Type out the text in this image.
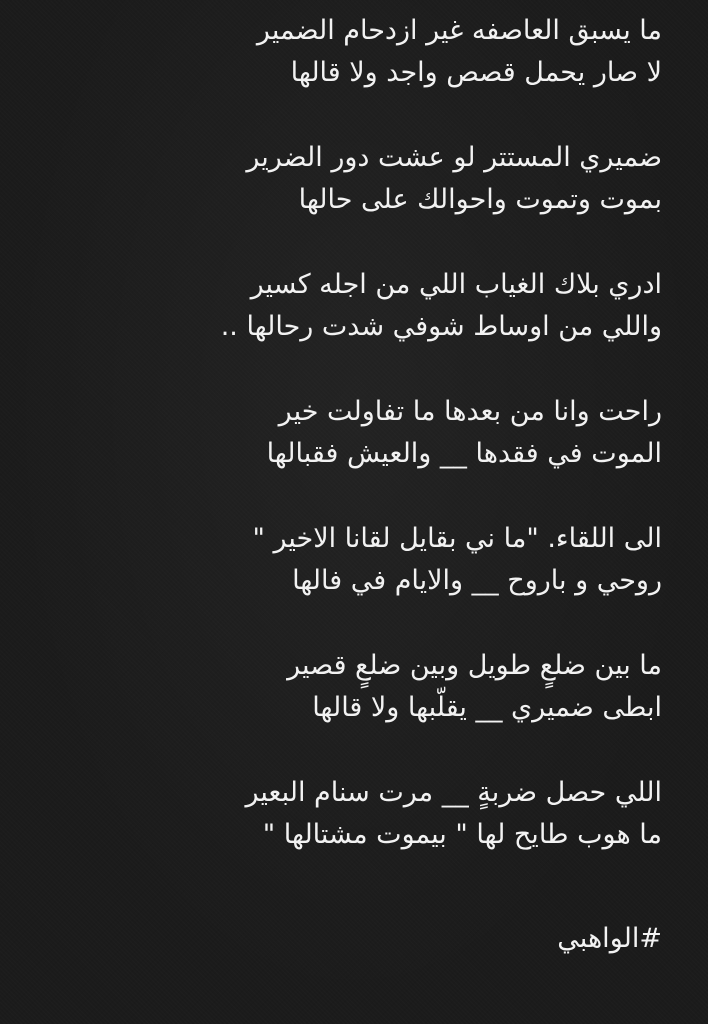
ما يسبق العاصفه غير ازدحام الضمير
لا صار يحمل قصص واجد ولا قالها
ضميري المستتر لو عشت دور الضرير
بموت وتموت واحوالك على حالها
ادري بلاك الغياب اللي من اجله كسير
واللي من اوساط شوفي شدت رحالها ..
راحت وانا من بعدها ما تفاولت خير
الموت في فقدها __ والعيش فقبالها
الى اللقاء. "ما ني بقايل لقانا الاخير "
روحي و باروح __ والايام في فالها
ما بين ضلعٍ طويل وبين ضلعٍ قصير
ابطى ضميري __ يقلّبها ولا قالها
اللي حصل ضربةٍ __ مرت سنام البعير
ما هوب طايح لها " بيموت مشتالها "
#الواهبي
